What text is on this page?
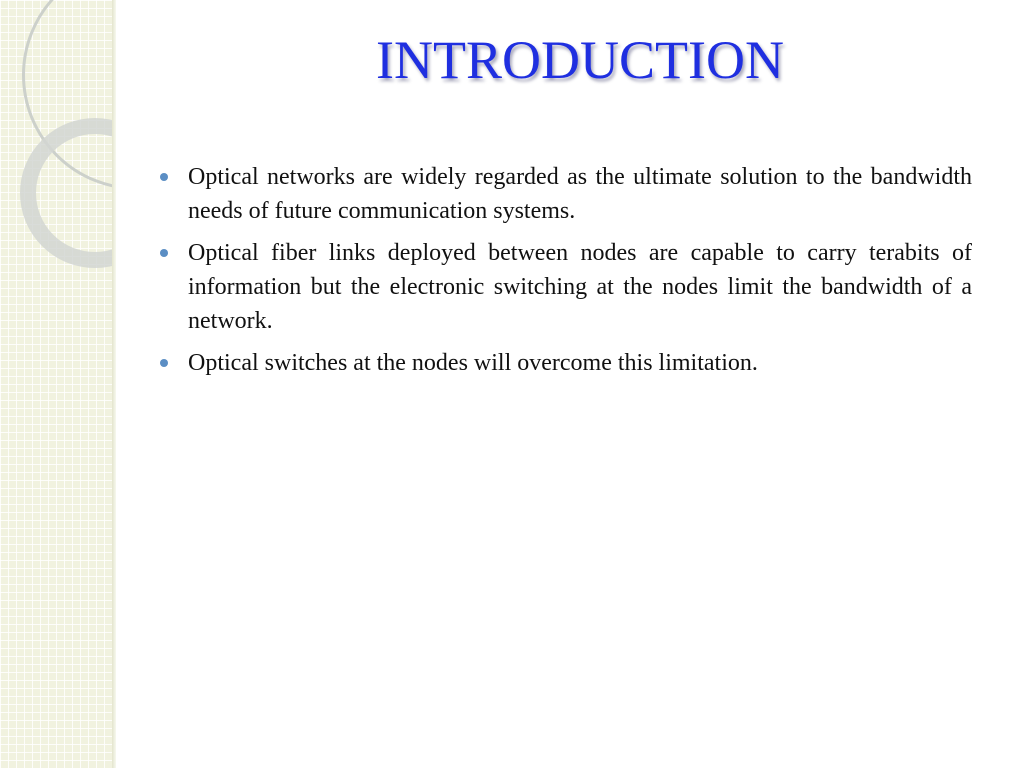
INTRODUCTION
Optical networks are widely regarded as the ultimate solution to the bandwidth needs of future communication systems.
Optical fiber links deployed between nodes are capable to carry terabits of information but the electronic switching at the nodes limit the bandwidth of a network.
Optical switches at the nodes will overcome this limitation.
